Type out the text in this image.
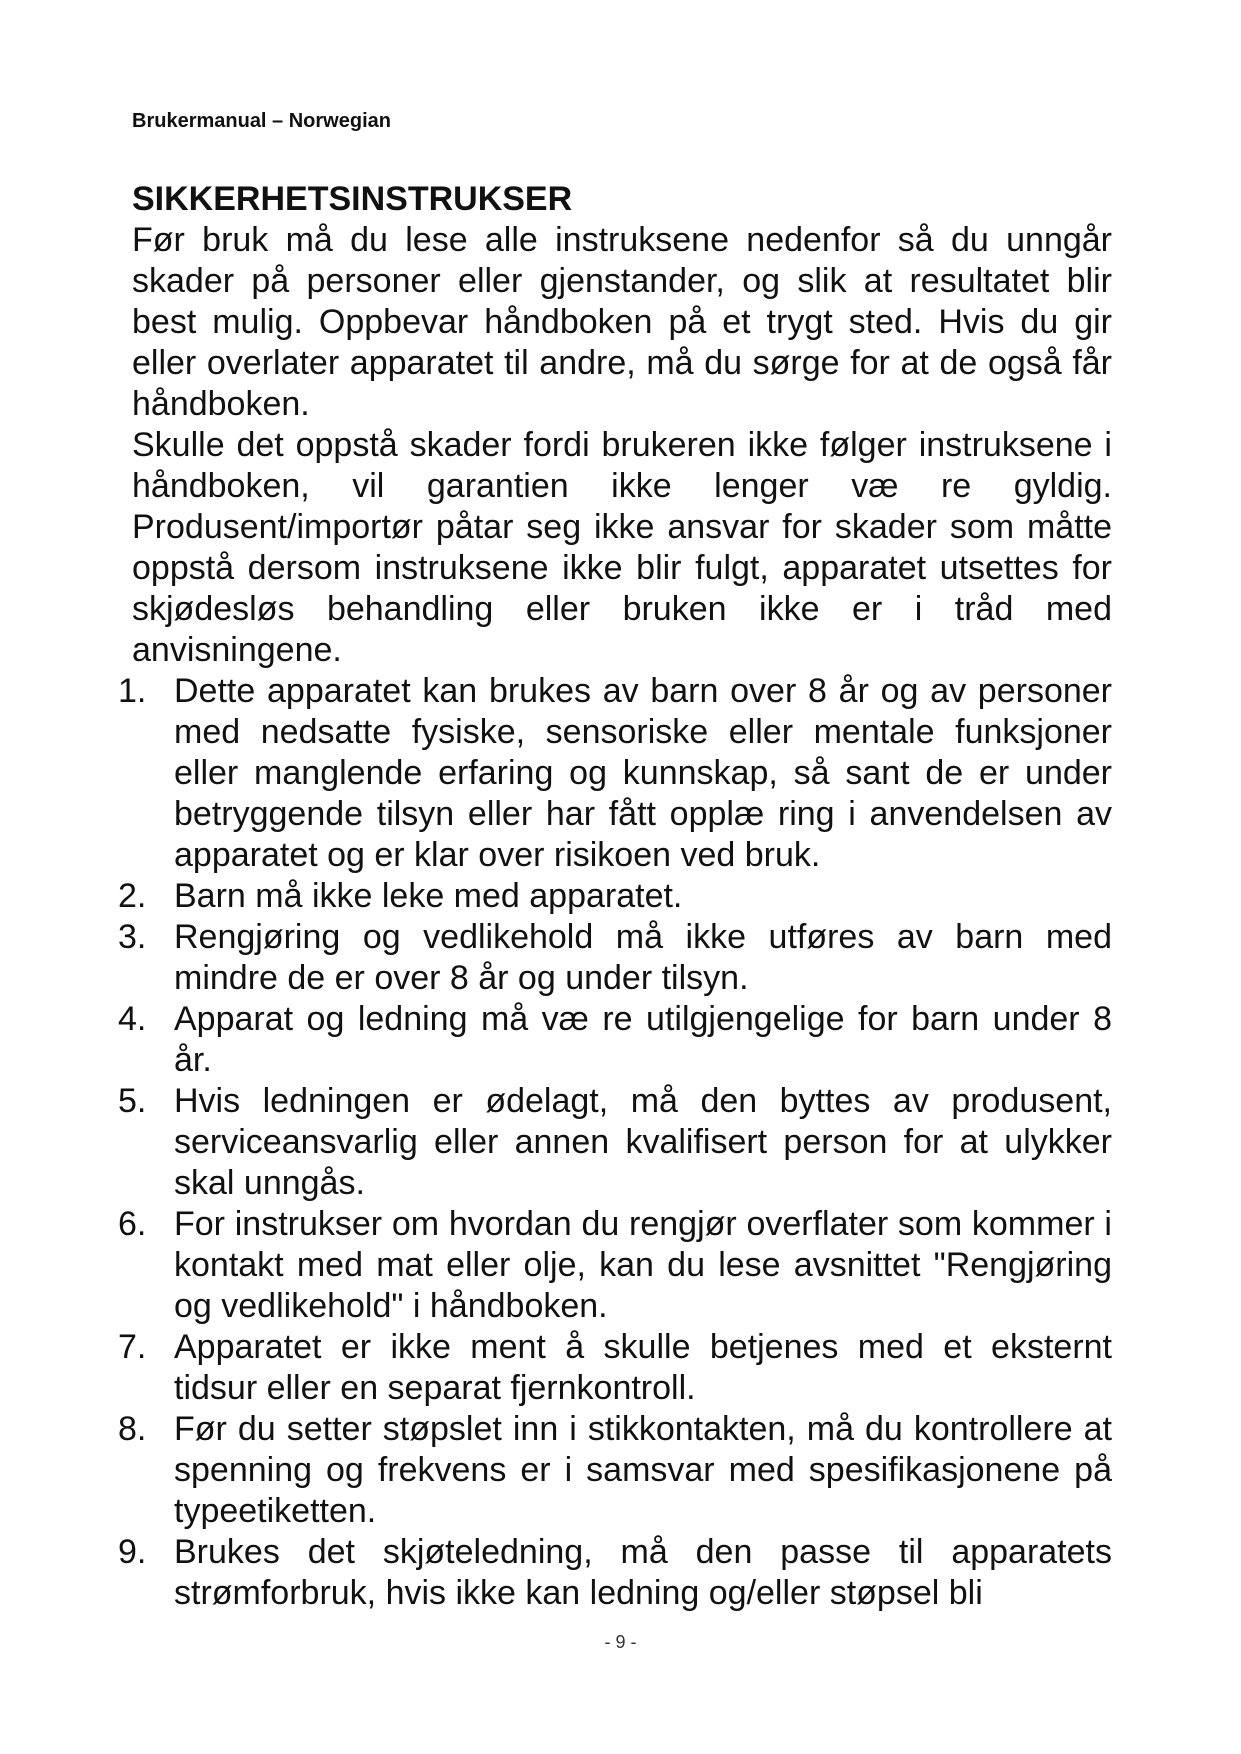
Brukermanual – Norwegian
SIKKERHETSINSTRUKSER

Før bruk må du lese alle instruksene nedenfor så du unngår skader på personer eller gjenstander, og slik at resultatet blir best mulig. Oppbevar håndboken på et trygt sted. Hvis du gir eller overlater apparatet til andre, må du sørge for at de også får håndboken.

Skulle det oppstå skader fordi brukeren ikke følger instruksene i håndboken, vil garantien ikke lenger væ re gyldig. Produsent/importør påtar seg ikke ansvar for skader som måtte oppstå dersom instruksene ikke blir fulgt, apparatet utsettes for skjødesløs behandling eller bruken ikke er i tråd med anvisningene.

1. Dette apparatet kan brukes av barn over 8 år og av personer med nedsatte fysiske, sensoriske eller mentale funksjoner eller manglende erfaring og kunnskap, så sant de er under betryggende tilsyn eller har fått opplæ ring i anvendelsen av apparatet og er klar over risikoen ved bruk.
2. Barn må ikke leke med apparatet.
3. Rengjøring og vedlikehold må ikke utføres av barn med mindre de er over 8 år og under tilsyn.
4. Apparat og ledning må væ re utilgjengelige for barn under 8 år.
5. Hvis ledningen er ødelagt, må den byttes av produsent, serviceansvarlig eller annen kvalifisert person for at ulykker skal unngås.
6. For instrukser om hvordan du rengjør overflater som kommer i kontakt med mat eller olje, kan du lese avsnittet "Rengjøring og vedlikehold" i håndboken.
7. Apparatet er ikke ment å skulle betjenes med et eksternt tidsur eller en separat fjernkontroll.
8. Før du setter støpslet inn i stikkontakten, må du kontrollere at spenning og frekvens er i samsvar med spesifikasjonene på typeetiketten.
9. Brukes det skjøteledning, må den passe til apparatets strømforbruk, hvis ikke kan ledning og/eller støpsel bli
- 9 -
